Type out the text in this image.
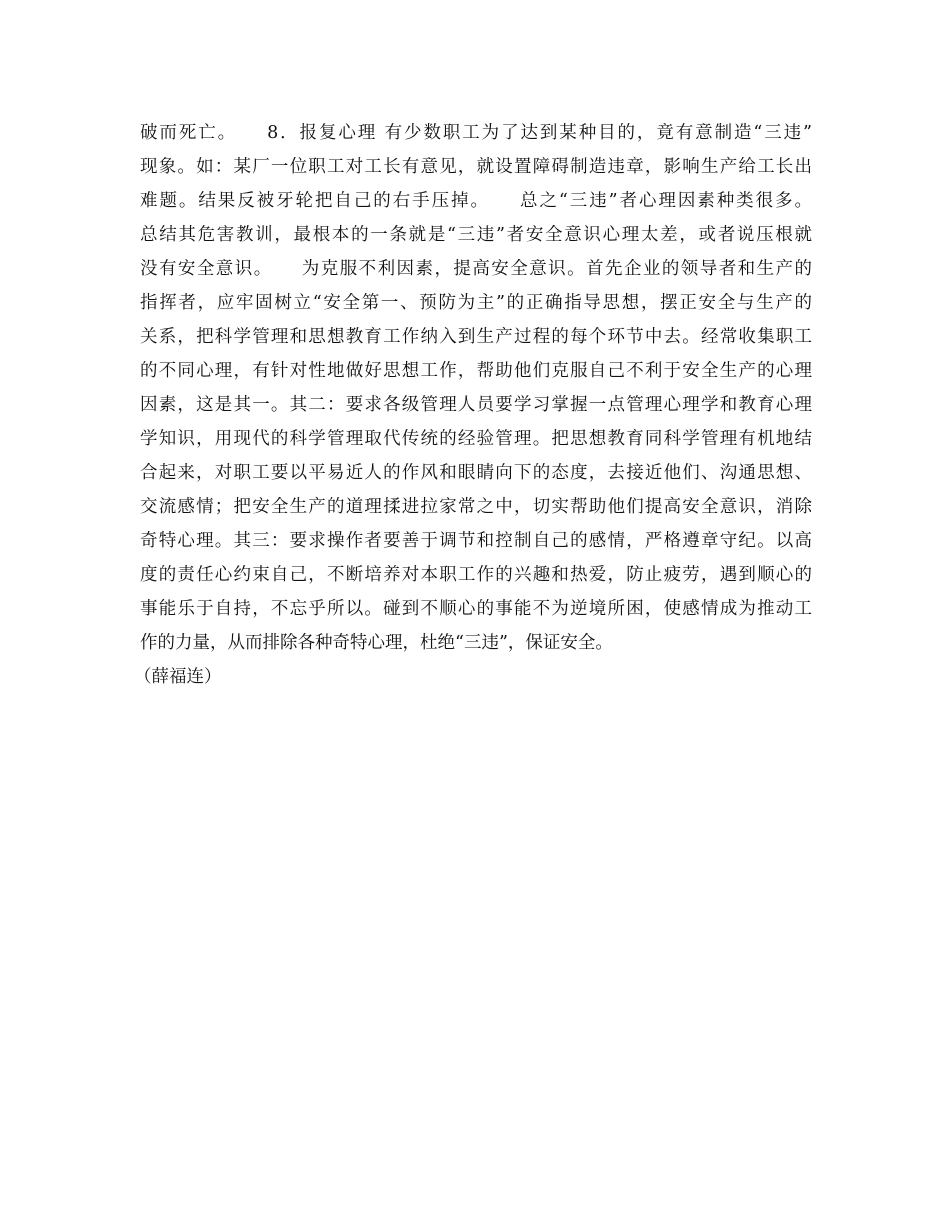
破而死亡。　　8．报复心理 有少数职工为了达到某种目的，竟有意制造“三违”
现象。如：某厂一位职工对工长有意见，就设置障碍制造违章，影响生产给工长出
难题。结果反被牙轮把自己的右手压掉。　　总之“三违”者心理因素种类很多。
总结其危害教训，最根本的一条就是“三违”者安全意识心理太差，或者说压根就
没有安全意识。　　为克服不利因素，提高安全意识。首先企业的领导者和生产的
指挥者，应牢固树立“安全第一、预防为主”的正确指导思想，摆正安全与生产的
关系，把科学管理和思想教育工作纳入到生产过程的每个环节中去。经常收集职工
的不同心理，有针对性地做好思想工作，帮助他们克服自己不利于安全生产的心理
因素，这是其一。其二：要求各级管理人员要学习掌握一点管理心理学和教育心理
学知识，用现代的科学管理取代传统的经验管理。把思想教育同科学管理有机地结
合起来，对职工要以平易近人的作风和眼睛向下的态度，去接近他们、沟通思想、
交流感情；把安全生产的道理揉进拉家常之中，切实帮助他们提高安全意识，消除
奇特心理。其三：要求操作者要善于调节和控制自己的感情，严格遵章守纪。以高
度的责任心约束自己，不断培养对本职工作的兴趣和热爱，防止疲劳，遇到顺心的
事能乐于自持，不忘乎所以。碰到不顺心的事能不为逆境所困，使感情成为推动工
作的力量，从而排除各种奇特心理，杜绝“三违”，保证安全。
（薛福连）
